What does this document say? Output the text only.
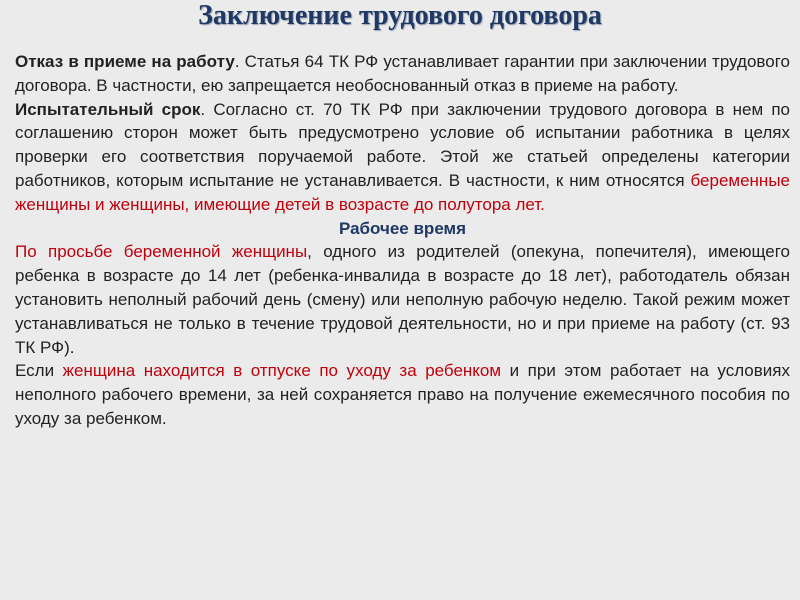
Заключение трудового договора

Отказ в приеме на работу. Статья 64 ТК РФ устанавливает гарантии при заключении трудового договора. В частности, ею запрещается необоснованный отказ в приеме на работу.

Испытательный срок. Согласно ст. 70 ТК РФ при заключении трудового договора в нем по соглашению сторон может быть предусмотрено условие об испытании работника в целях проверки его соответствия поручаемой работе. Этой же статьей определены категории работников, которым испытание не устанавливается. В частности, к ним относятся беременные женщины и женщины, имеющие детей в возрасте до полутора лет.

Рабочее время

По просьбе беременной женщины, одного из родителей (опекуна, попечителя), имеющего ребенка в возрасте до 14 лет (ребенка-инвалида в возрасте до 18 лет), работодатель обязан установить неполный рабочий день (смену) или неполную рабочую неделю. Такой режим может устанавливаться не только в течение трудовой деятельности, но и при приеме на работу (ст. 93 ТК РФ).

Если женщина находится в отпуске по уходу за ребенком и при этом работает на условиях неполного рабочего времени, за ней сохраняется право на получение ежемесячного пособия по уходу за ребенком.
